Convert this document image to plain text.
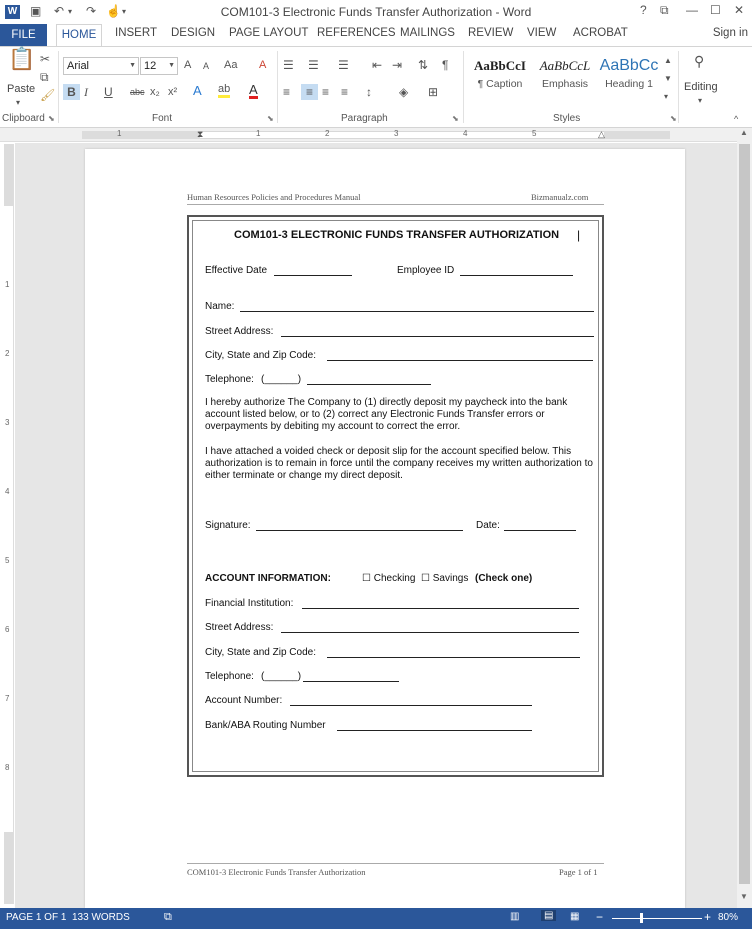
W ▣ ↶ ▾ ↷ ☝ ▾	COM101-3 Electronic Funds Transfer Authorization - Word	? ⧉ — ☐ ✕
FILE	HOME	INSERT DESIGN PAGE LAYOUT REFERENCES MAILINGS REVIEW VIEW ACROBAT	Sign in
📋
Paste
▾
✂
⧉
🖌
Clipboard ⬊
Arial	▼ 12 ▼ A A Aa A
B I U abc x₂ x² A ab A
Font	⬊
☰ ☰ ☰ ⇤ ⇥ ⇅ ¶
≡	≡ ≡ ≡ ↕ ◈ ⊞
Paragraph	⬊
AaBbCcI
¶ Caption
AaBbCcL
Emphasis
AaBbCc
Heading 1
▲
▼
▾
Styles	⬊
⚲
Editing
▾
^
1	⧗	1	2	3	4	5	△
1
2
3
4
5
6
7
8
Human Resources Policies and Procedures Manual	Bizmanualz.com
COM101-3 ELECTRONIC FUNDS TRANSFER AUTHORIZATION |
Effective Date	Employee ID
Name:
Street Address:
City, State and Zip Code:
Telephone: (______)
I hereby authorize The Company to (1) directly deposit my paycheck into the bank account listed below, or to (2) correct any Electronic Funds Transfer errors or overpayments by debiting my account to correct the error.
I have attached a voided check or deposit slip for the account specified below. This authorization is to remain in force until the company receives my written authorization to either terminate or change my direct deposit.
Signature:	Date:
ACCOUNT INFORMATION:	☐ Checking ☐ Savings (Check one)
Financial Institution:
Street Address:
City, State and Zip Code:
Telephone: (______)
Account Number:
Bank/ABA Routing Number
COM101-3 Electronic Funds Transfer Authorization	Page 1 of 1
▲
▼
PAGE 1 OF 1 133 WORDS	⧉	▥	▤	▦ −	+ 80%
